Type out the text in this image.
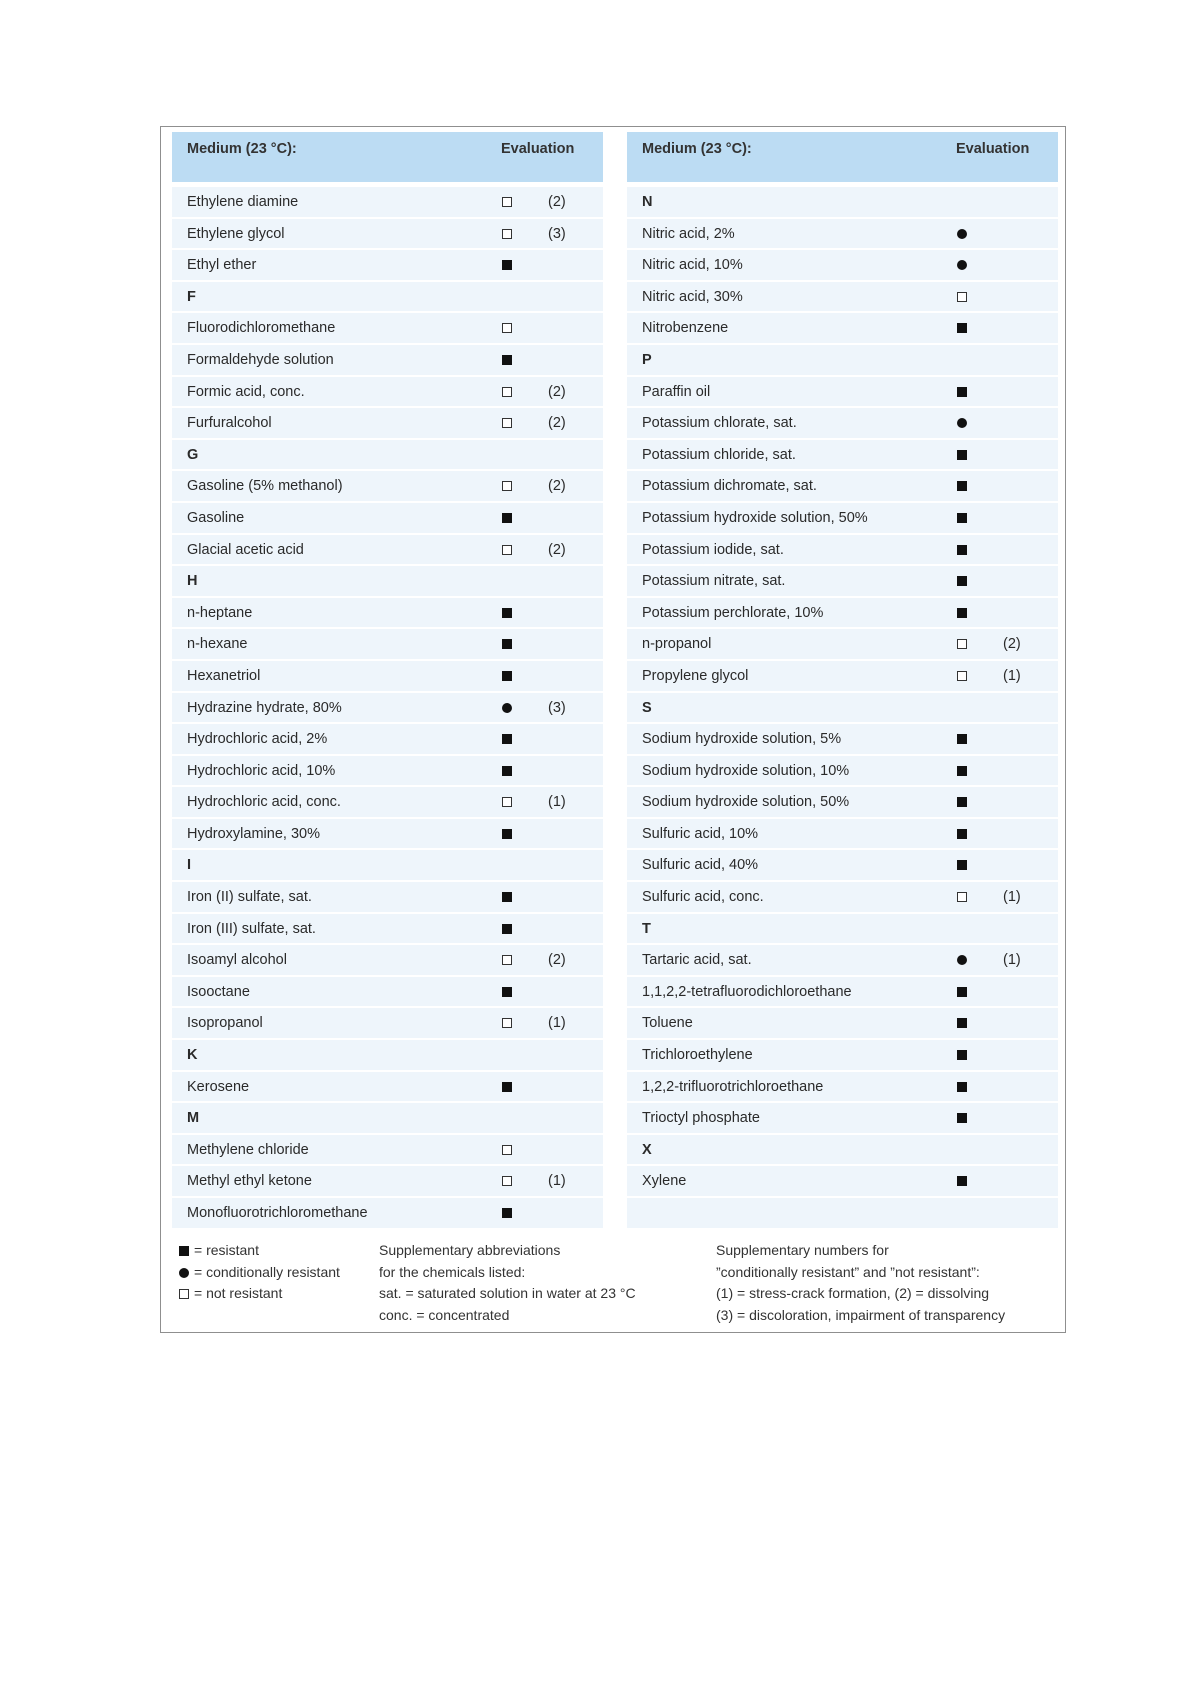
Medium (23 °C):	Evaluation
Ethylene diamine	(2)
Ethylene glycol	(3)
Ethyl ether
F
Fluorodichloromethane
Formaldehyde solution
Formic acid, conc.	(2)
Furfuralcohol	(2)
G
Gasoline (5% methanol)	(2)
Gasoline
Glacial acetic acid	(2)
H
n-heptane
n-hexane
Hexanetriol
Hydrazine hydrate, 80%	(3)
Hydrochloric acid, 2%
Hydrochloric acid, 10%
Hydrochloric acid, conc.	(1)
Hydroxylamine, 30%
I
Iron (II) sulfate, sat.
Iron (III) sulfate, sat.
Isoamyl alcohol	(2)
Isooctane
Isopropanol	(1)
K
Kerosene
M
Methylene chloride
Methyl ethyl ketone	(1)
Monofluorotrichloromethane
Medium (23 °C):	Evaluation
N
Nitric acid, 2%
Nitric acid, 10%
Nitric acid, 30%
Nitrobenzene
P
Paraffin oil
Potassium chlorate, sat.
Potassium chloride, sat.
Potassium dichromate, sat.
Potassium hydroxide solution, 50%
Potassium iodide, sat.
Potassium nitrate, sat.
Potassium perchlorate, 10%
n-propanol	(2)
Propylene glycol	(1)
S
Sodium hydroxide solution, 5%
Sodium hydroxide solution, 10%
Sodium hydroxide solution, 50%
Sulfuric acid, 10%
Sulfuric acid, 40%
Sulfuric acid, conc.	(1)
T
Tartaric acid, sat.	(1)
1,1,2,2-tetrafluorodichloroethane
Toluene
Trichloroethylene
1,2,2-trifluorotrichloroethane
Trioctyl phosphate
X
Xylene
= resistant
= conditionally resistant
= not resistant
Supplementary abbreviations
for the chemicals listed:
sat. = saturated solution in water at 23 °C
conc. = concentrated
Supplementary numbers for
”conditionally resistant” and ”not resistant”:
(1) = stress-crack formation, (2) = dissolving
(3) = discoloration, impairment of transparency
